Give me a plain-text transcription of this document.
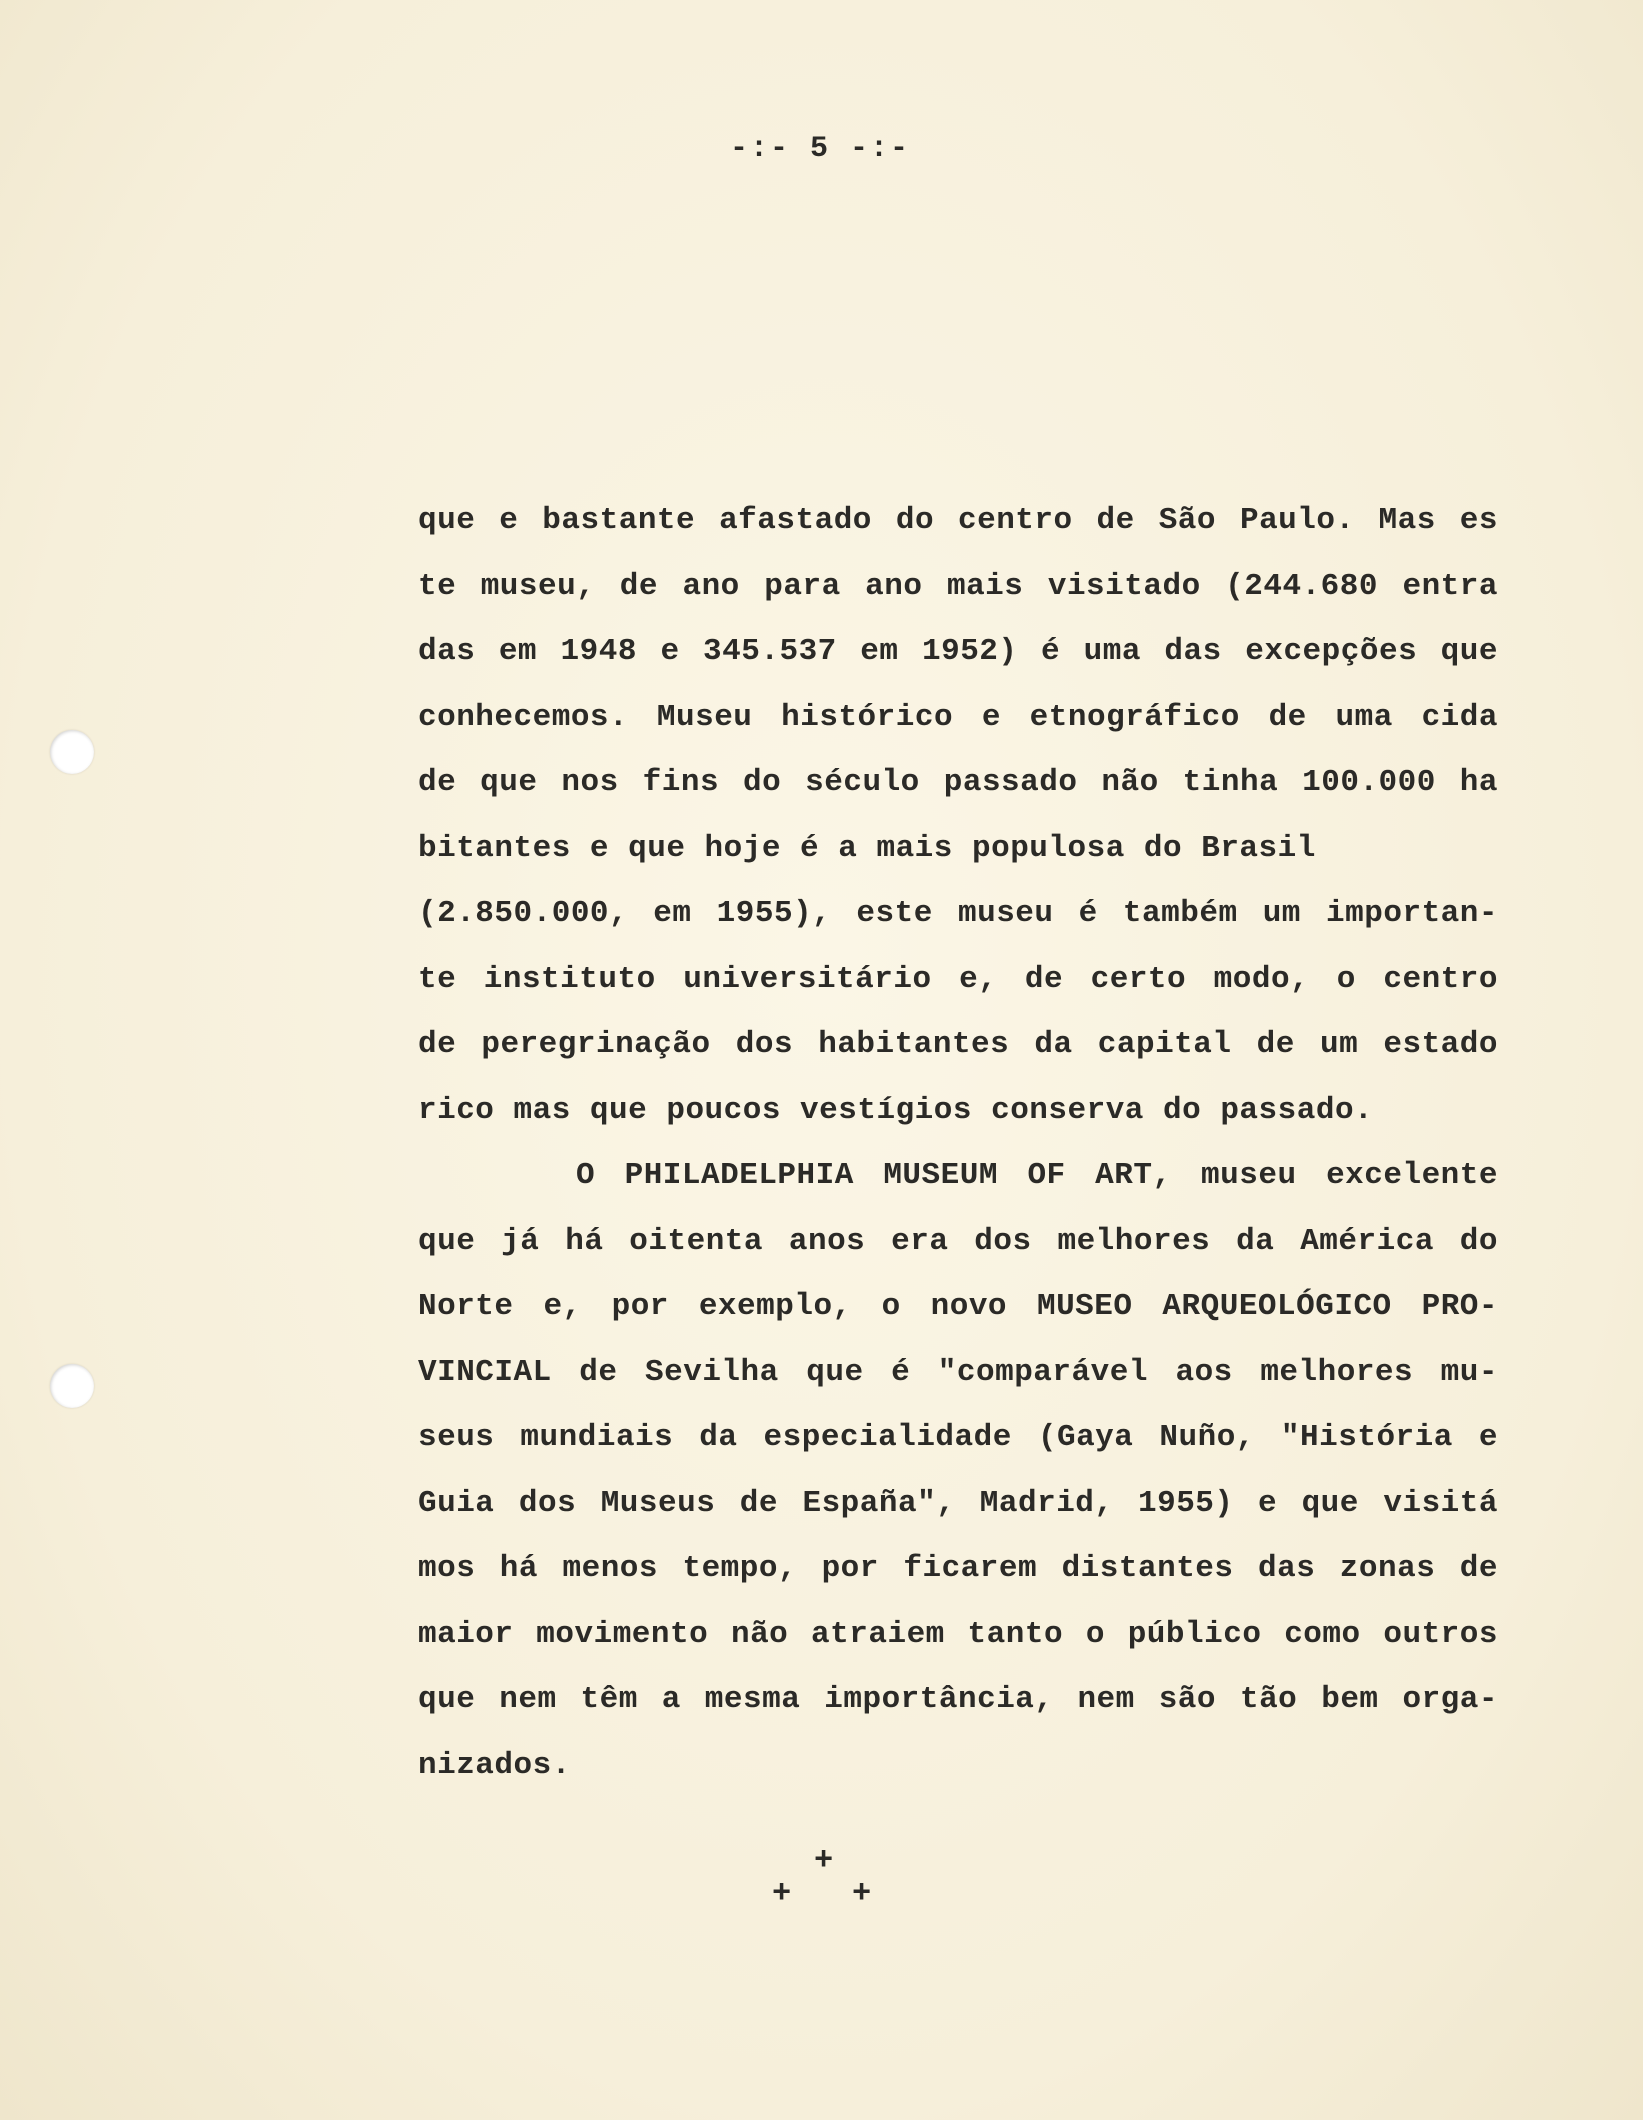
-:- 5 -:-
que e bastante afastado do centro de São Paulo. Mas es
te museu, de ano para ano mais visitado (244.680 entra
das em 1948 e 345.537 em 1952) é uma das excepções que
conhecemos. Museu histórico e etnográfico de uma cida
de que nos fins do século passado não tinha 100.000 ha
bitantes e que hoje é a mais populosa do Brasil
(2.850.000, em 1955), este museu é também um importan-
te instituto universitário e, de certo modo, o centro
de peregrinação dos habitantes da capital de um estado
rico mas que poucos vestígios conserva do passado.
O PHILADELPHIA MUSEUM OF ART, museu excelente
que já há oitenta anos era dos melhores da América do
Norte e, por exemplo, o novo MUSEO ARQUEOLÓGICO PRO-
VINCIAL de Sevilha que é "comparável aos melhores mu-
seus mundiais da especialidade (Gaya Nuño, "História e
Guia dos Museus de España", Madrid, 1955) e que visitá
mos há menos tempo, por ficarem distantes das zonas de
maior movimento não atraiem tanto o público como outros
que nem têm a mesma importância, nem são tão bem orga-
nizados.
+
+ +
